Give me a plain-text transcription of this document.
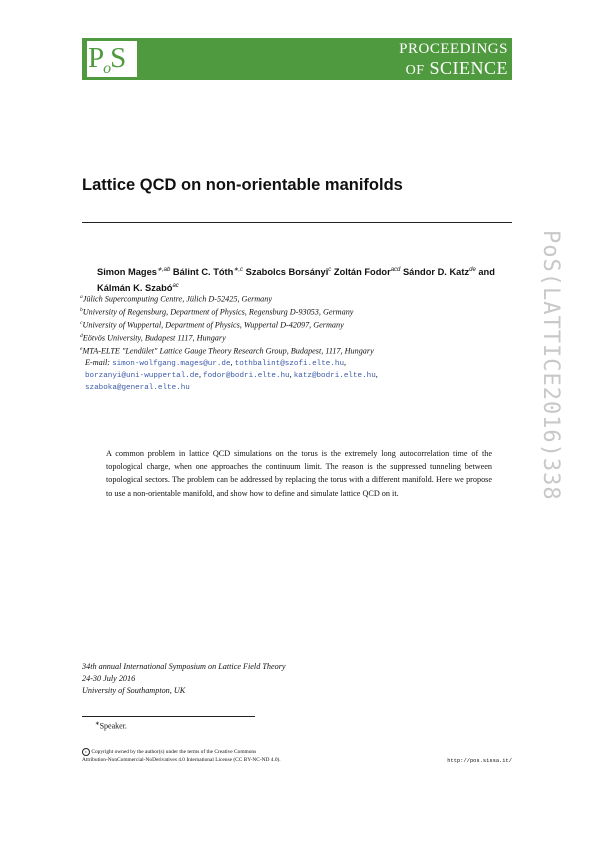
$P_oS$	PROCEEDINGS
OF SCIENCE
Lattice QCD on non-orientable manifolds
PoS(LATTICE2016)338
Simon Mages$^{∗,ab}$ Bálint C. Tóth$^{∗,c}$ Szabolcs Borsányi$^c$ Zoltán Fodor$^{acd}$ Sándor D. Katz$^{de}$ and Kálmán K. Szabó$^{ac}$
$^a$Jülich Supercomputing Centre, Jülich D-52425, Germany
$^b$University of Regensburg, Department of Physics, Regensburg D-93053, Germany
$^c$University of Wuppertal, Department of Physics, Wuppertal D-42097, Germany
$^d$Eötvös University, Budapest 1117, Hungary
$^e$MTA-ELTE "Lendület" Lattice Gauge Theory Research Group, Budapest, 1117, Hungary
E-mail: simon-wolfgang.mages@ur.de, tothbalint@szofi.elte.hu,
borzanyi@uni-wuppertal.de, fodor@bodri.elte.hu, katz@bodri.elte.hu,
szaboka@general.elte.hu
A common problem in lattice QCD simulations on the torus is the extremely long autocorrelation time of the topological charge, when one approaches the continuum limit. The reason is the suppressed tunneling between topological sectors. The problem can be addressed by replacing the torus with a different manifold. Here we propose to use a non-orientable manifold, and show how to define and simulate lattice QCD on it.
34th annual International Symposium on Lattice Field Theory
24-30 July 2016
University of Southampton, UK
∗Speaker.
c Copyright owned by the author(s) under the terms of the Creative Commons
Attribution-NonCommercial-NoDerivatives 4.0 International License (CC BY-NC-ND 4.0).	http://pos.sissa.it/
